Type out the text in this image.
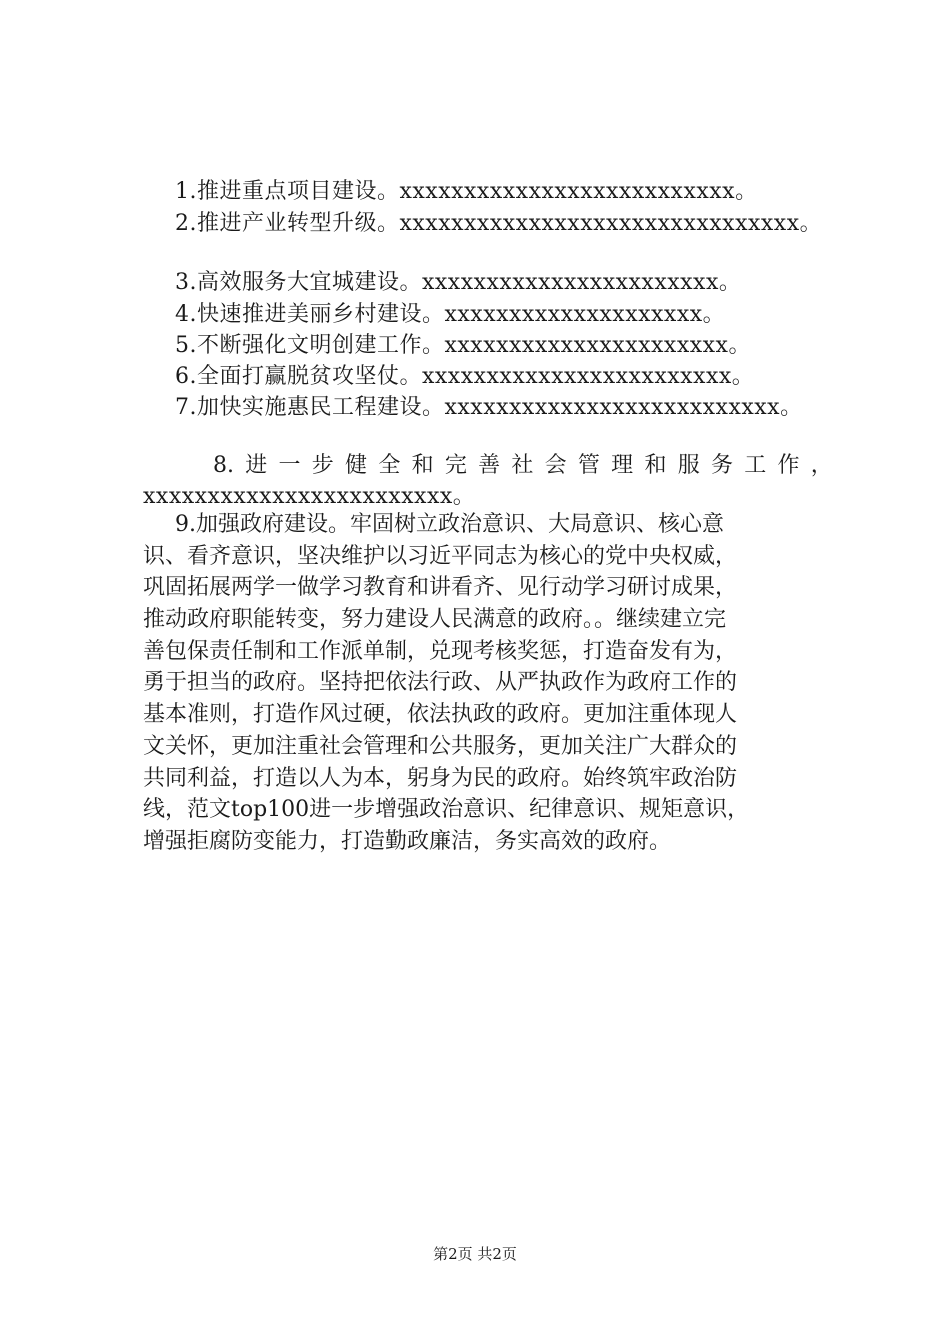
1.推进重点项目建设。xxxxxxxxxxxxxxxxxxxxxxxxxx。
2.推进产业转型升级。xxxxxxxxxxxxxxxxxxxxxxxxxxxxxxx。
3.高效服务大宜城建设。xxxxxxxxxxxxxxxxxxxxxxx。
4.快速推进美丽乡村建设。xxxxxxxxxxxxxxxxxxxx。
5.不断强化文明创建工作。xxxxxxxxxxxxxxxxxxxxxx。
6.全面打赢脱贫攻坚仗。xxxxxxxxxxxxxxxxxxxxxxxx。
7.加快实施惠民工程建设。xxxxxxxxxxxxxxxxxxxxxxxxxx。
8. 进 一 步 健 全 和 完 善 社 会 管 理 和 服 务 工 作 ，
xxxxxxxxxxxxxxxxxxxxxxxx。
9.加强政府建设。牢固树立政治意识、大局意识、核心意
识、看齐意识，坚决维护以习近平同志为核心的党中央权威，
巩固拓展两学一做学习教育和讲看齐、见行动学习研讨成果，
推动政府职能转变，努力建设人民满意的政府。。继续建立完
善包保责任制和工作派单制，兑现考核奖惩，打造奋发有为，
勇于担当的政府。坚持把依法行政、从严执政作为政府工作的
基本准则，打造作风过硬，依法执政的政府。更加注重体现人
文关怀，更加注重社会管理和公共服务，更加关注广大群众的
共同利益，打造以人为本，躬身为民的政府。始终筑牢政治防
线，范文top100进一步增强政治意识、纪律意识、规矩意识，
增强拒腐防变能力，打造勤政廉洁，务实高效的政府。
第2页 共2页
